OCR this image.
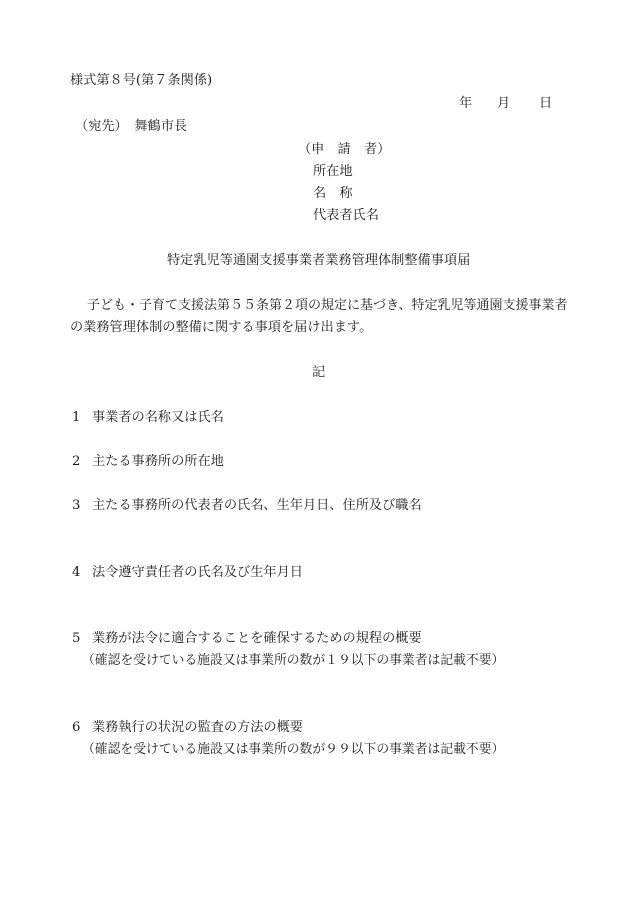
様式第８号(第７条関係)
年 月 日
（宛先）　舞鶴市長
（申　請　者）
所在地
名　称
代表者氏名
特定乳児等通園支援事業者業務管理体制整備事項届
子ども・子育て支援法第５５条第２項の規定に基づき、特定乳児等通園支援事業者
の業務管理体制の整備に関する事項を届け出ます。
記
1 事業者の名称又は氏名
2 主たる事務所の所在地
3 主たる事務所の代表者の氏名、生年月日、住所及び職名
4 法令遵守責任者の氏名及び生年月日
5 業務が法令に適合することを確保するための規程の概要
（確認を受けている施設又は事業所の数が１９以下の事業者は記載不要）
6 業務執行の状況の監査の方法の概要
（確認を受けている施設又は事業所の数が９９以下の事業者は記載不要）
